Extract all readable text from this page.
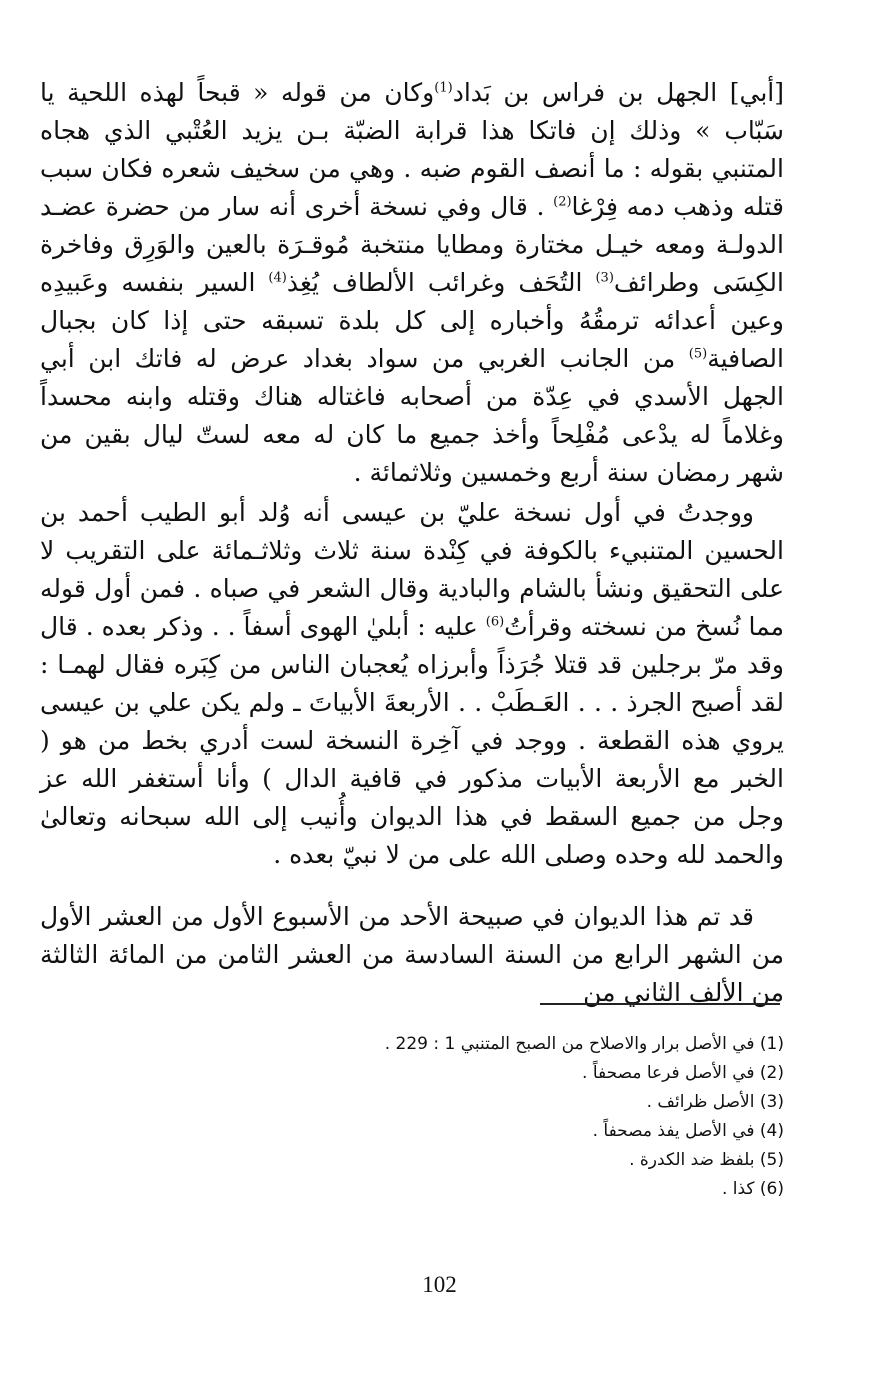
[أبي] الجهل بن فراس بن بَداد$^{(1)}$وكان من قوله « قبحاً لهذه اللحية يا سَبّاب » وذلك إن فاتكا هذا قرابة الضبّة بـن يزيد العُتْبي الذي هجاه المتنبي بقوله : ما أنصف القوم ضبه . وهي من سخيف شعره فكان سبب قتله وذهب دمه فِرْغا$^{(2)}$ . قال وفي نسخة أخرى أنه سار من حضرة عضـد الدولـة ومعه خيـل مختارة ومطايا منتخبة مُوقـرَة بالعين والوَرِق وفاخرة الكِسَى وطرائف$^{(3)}$ التُحَف وغرائب الألطاف يُغِذ$^{(4)}$ السير بنفسه وعَبيدِه وعين أعدائه ترمقُهُ وأخباره إلى كل بلدة تسبقه حتى إذا كان بجبال الصافية$^{(5)}$ من الجانب الغربي من سواد بغداد عرض له فاتك ابن أبي الجهل الأسدي في عِدّة من أصحابه فاغتاله هناك وقتله وابنه محسداً وغلاماً له يدْعى مُفْلِحاً وأخذ جميع ما كان له معه لستّ ليال بقين من شهر رمضان سنة أربع وخمسين وثلاثمائة .

ووجدتُ في أول نسخة عليّ بن عيسى أنه وُلد أبو الطيب أحمد بن الحسين المتنبيء بالكوفة في كِنْدة سنة ثلاث وثلاثـمائة على التقريب لا على التحقيق ونشأ بالشام والبادية وقال الشعر في صباه . فمن أول قوله مما نُسخ من نسخته وقرأتُ$^{(6)}$ عليه : أبليٰ الهوى أسفاً . . وذكر بعده . قال وقد مرّ برجلين قد قتلا جُرَذاً وأبرزاه يُعجبان الناس من كِبَره فقال لهمـا : لقد أصبح الجرذ . . . العَـطَبْ . . الأربعةَ الأبياتَ ـ ولم يكن علي بن عيسى يروي هذه القطعة . ووجد في آخِرة النسخة لست أدري بخط من هو ( الخبر مع الأربعة الأبيات مذكور في قافية الدال ) وأنا أستغفر الله عز وجل من جميع السقط في هذا الديوان وأُنيب إلى الله سبحانه وتعالىٰ والحمد لله وحده وصلى الله على من لا نبيّ بعده .

قد تم هذا الديوان في صبيحة الأحد من الأسبوع الأول من العشر الأول من الشهر الرابع من السنة السادسة من العشر الثامن من المائة الثالثة من الألف الثاني من

(1) في الأصل برار والاصلاح من الصبح المتنبي 1 : 229 .
(2) في الأصل فرعا مصحفاً .
(3) الأصل ظرائف .
(4) في الأصل يفذ مصحفاً .
(5) بلفظ ضد الكدرة .
(6) كذا .
102
